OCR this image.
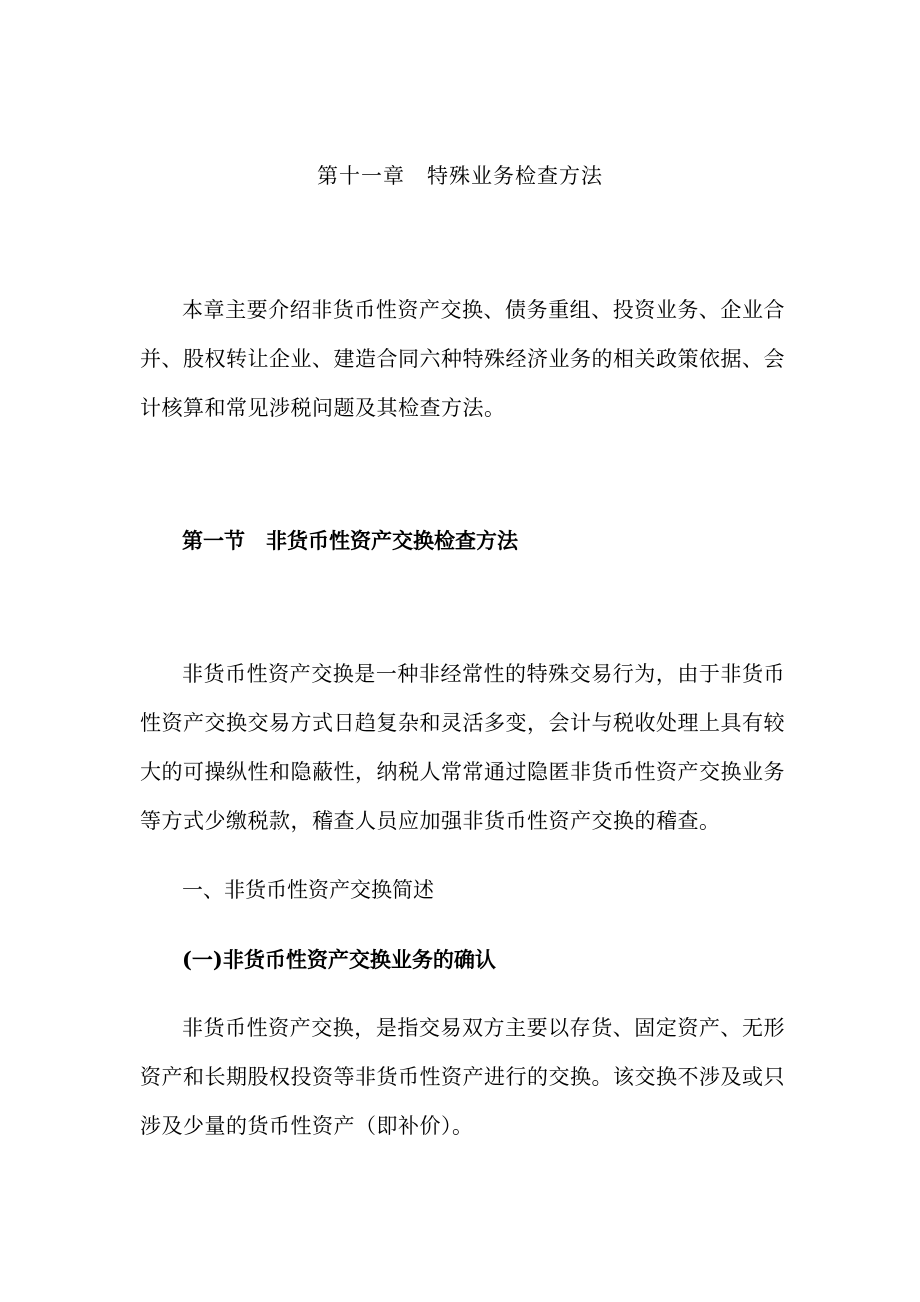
第十一章　特殊业务检查方法
本章主要介绍非货币性资产交换、债务重组、投资业务、企业合并、股权转让企业、建造合同六种特殊经济业务的相关政策依据、会计核算和常见涉税问题及其检查方法。
第一节　非货币性资产交换检查方法
非货币性资产交换是一种非经常性的特殊交易行为，由于非货币性资产交换交易方式日趋复杂和灵活多变，会计与税收处理上具有较大的可操纵性和隐蔽性，纳税人常常通过隐匿非货币性资产交换业务等方式少缴税款，稽查人员应加强非货币性资产交换的稽查。
一、非货币性资产交换简述
(一)非货币性资产交换业务的确认
非货币性资产交换，是指交易双方主要以存货、固定资产、无形资产和长期股权投资等非货币性资产进行的交换。该交换不涉及或只涉及少量的货币性资产（即补价）。
